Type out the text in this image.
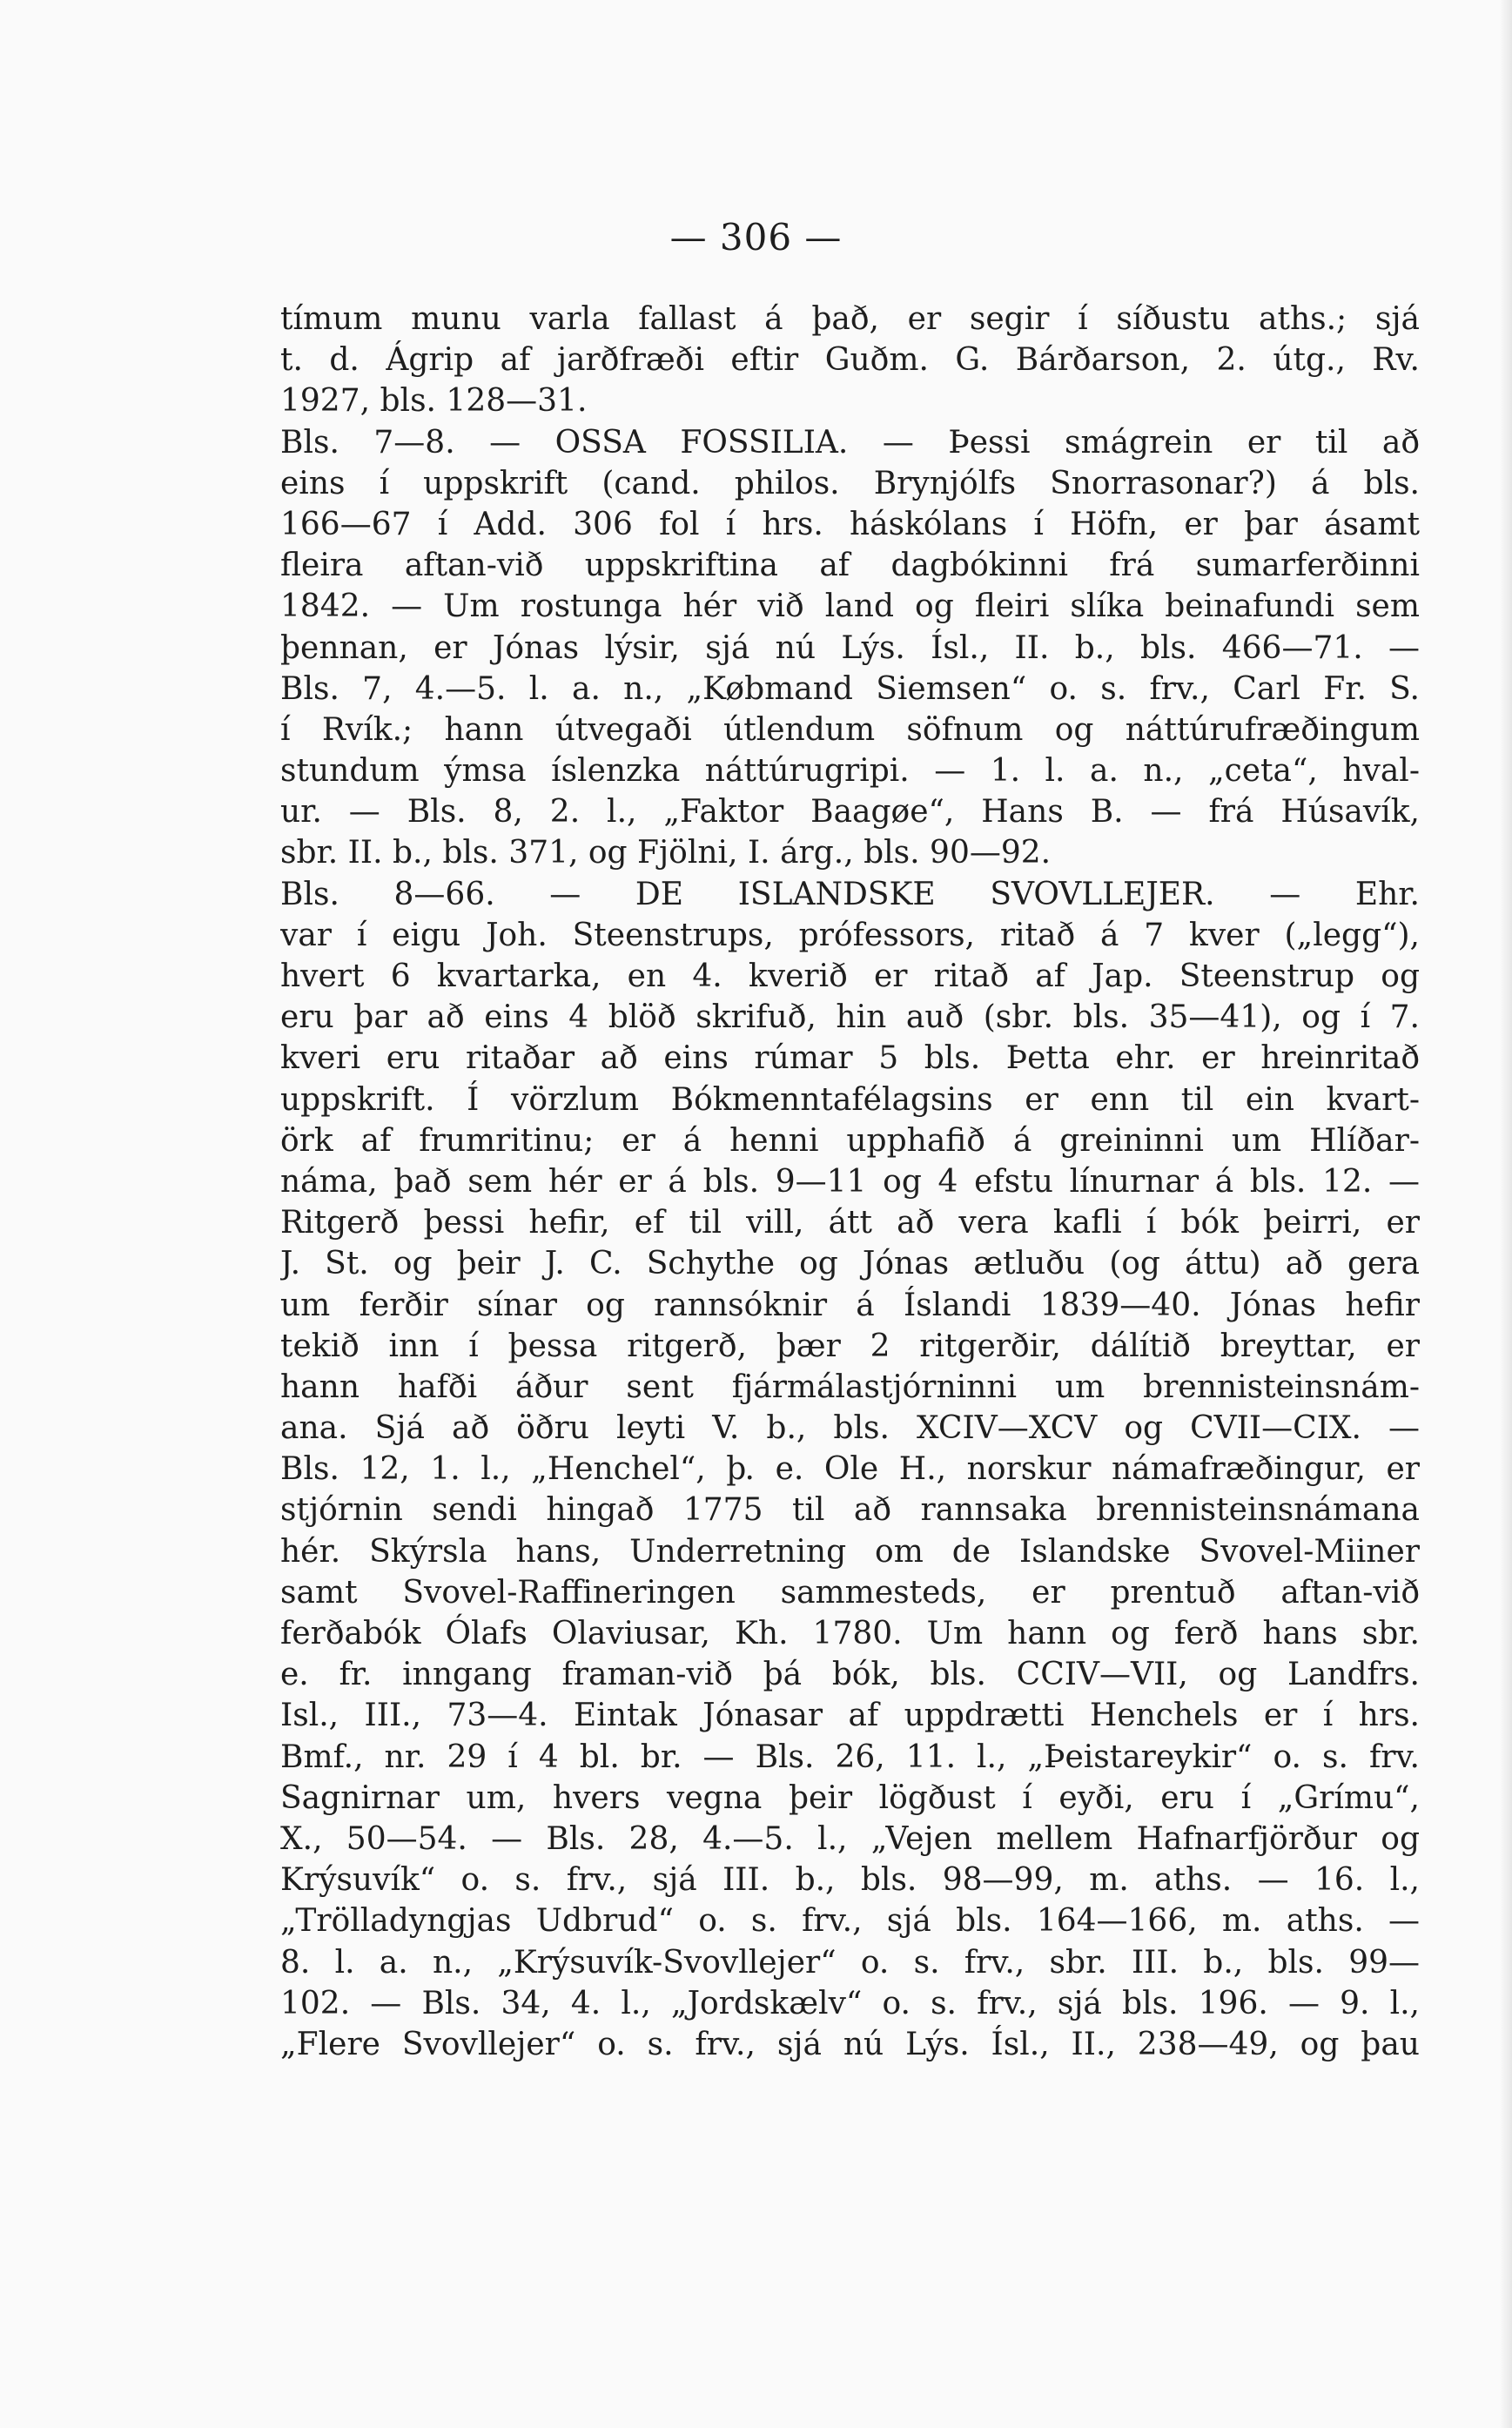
— 306 —
tímum munu varla fallast á það, er segir í síðustu aths.; sjá
t. d. Ágrip af jarðfræði eftir Guðm. G. Bárðarson, 2. útg., Rv.
1927, bls. 128—31.
Bls. 7—8. — OSSA FOSSILIA. — Þessi smágrein er til að
eins í uppskrift (cand. philos. Brynjólfs Snorrasonar?) á bls.
166—67 í Add. 306 fol í hrs. háskólans í Höfn, er þar ásamt
fleira aftan-við uppskriftina af dagbókinni frá sumarferðinni
1842. — Um rostunga hér við land og fleiri slíka beinafundi sem
þennan, er Jónas lýsir, sjá nú Lýs. Ísl., II. b., bls. 466—71. —
Bls. 7, 4.—5. l. a. n., „Købmand Siemsen“ o. s. frv., Carl Fr. S.
í Rvík.; hann útvegaði útlendum söfnum og náttúrufræðingum
stundum ýmsa íslenzka náttúrugripi. — 1. l. a. n., „ceta“, hval-
ur. — Bls. 8, 2. l., „Faktor Baagøe“, Hans B. — frá Húsavík,
sbr. II. b., bls. 371, og Fjölni, I. árg., bls. 90—92.
Bls. 8—66. — DE ISLANDSKE SVOVLLEJER. — Ehr.
var í eigu Joh. Steenstrups, prófessors, ritað á 7 kver („legg“),
hvert 6 kvartarka, en 4. kverið er ritað af Jap. Steenstrup og
eru þar að eins 4 blöð skrifuð, hin auð (sbr. bls. 35—41), og í 7.
kveri eru ritaðar að eins rúmar 5 bls. Þetta ehr. er hreinritað
uppskrift. Í vörzlum Bókmenntafélagsins er enn til ein kvart-
örk af frumritinu; er á henni upphafið á greininni um Hlíðar-
náma, það sem hér er á bls. 9—11 og 4 efstu línurnar á bls. 12. —
Ritgerð þessi hefir, ef til vill, átt að vera kafli í bók þeirri, er
J. St. og þeir J. C. Schythe og Jónas ætluðu (og áttu) að gera
um ferðir sínar og rannsóknir á Íslandi 1839—40. Jónas hefir
tekið inn í þessa ritgerð, þær 2 ritgerðir, dálítið breyttar, er
hann hafði áður sent fjármálastjórninni um brennisteinsnám-
ana. Sjá að öðru leyti V. b., bls. XCIV—XCV og CVII—CIX. —
Bls. 12, 1. l., „Henchel“, þ. e. Ole H., norskur námafræðingur, er
stjórnin sendi hingað 1775 til að rannsaka brennisteinsnámana
hér. Skýrsla hans, Underretning om de Islandske Svovel-Miiner
samt Svovel-Raffineringen sammesteds, er prentuð aftan-við
ferðabók Ólafs Olaviusar, Kh. 1780. Um hann og ferð hans sbr.
e. fr. inngang framan-við þá bók, bls. CCIV—VII, og Landfrs.
Isl., III., 73—4. Eintak Jónasar af uppdrætti Henchels er í hrs.
Bmf., nr. 29 í 4 bl. br. — Bls. 26, 11. l., „Þeistareykir“ o. s. frv.
Sagnirnar um, hvers vegna þeir lögðust í eyði, eru í „Grímu“,
X., 50—54. — Bls. 28, 4.—5. l., „Vejen mellem Hafnarfjörður og
Krýsuvík“ o. s. frv., sjá III. b., bls. 98—99, m. aths. — 16. l.,
„Trölladyngjas Udbrud“ o. s. frv., sjá bls. 164—166, m. aths. —
8. l. a. n., „Krýsuvík-Svovllejer“ o. s. frv., sbr. III. b., bls. 99—
102. — Bls. 34, 4. l., „Jordskælv“ o. s. frv., sjá bls. 196. — 9. l.,
„Flere Svovllejer“ o. s. frv., sjá nú Lýs. Ísl., II., 238—49, og þau
